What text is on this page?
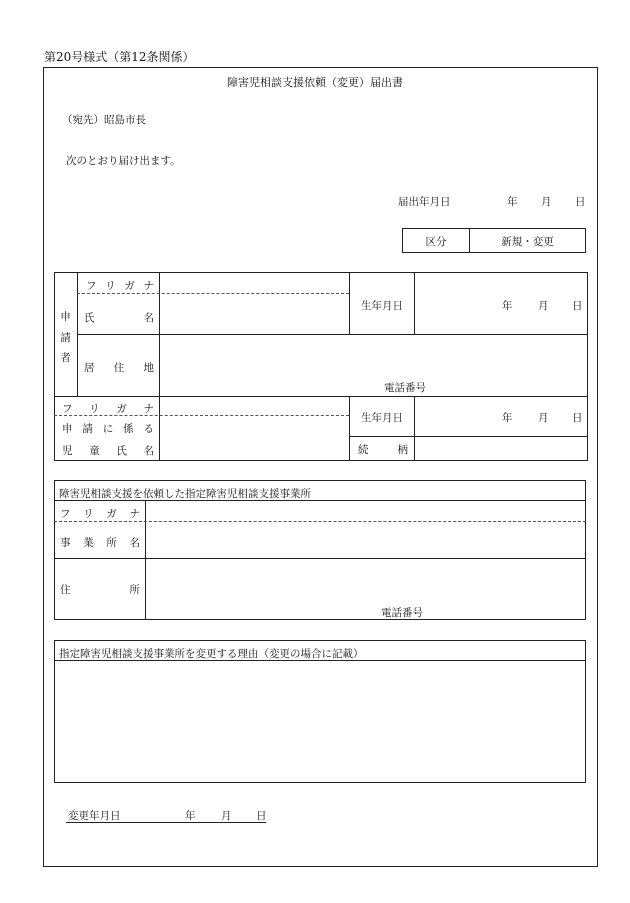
第20号様式（第12条関係）
障害児相談支援依頼（変更）届出書
（宛先）昭島市長
次のとおり届け出ます。
届出年月日	年 月 日
区分	新規・変更
申
請
者
フ リ ガ ナ
氏	名
生年月日	年 月 日
居 住 地
電話番号
フ リ ガ ナ
申 請 に 係 る
児 童 氏 名
生年月日	年 月 日
続	柄
障害児相談支援を依頼した指定障害児相談支援事業所
フ リ ガ ナ
事 業 所 名
住	所
電話番号
指定障害児相談支援事業所を変更する理由（変更の場合に記載）
変更年月日	年 月 日
